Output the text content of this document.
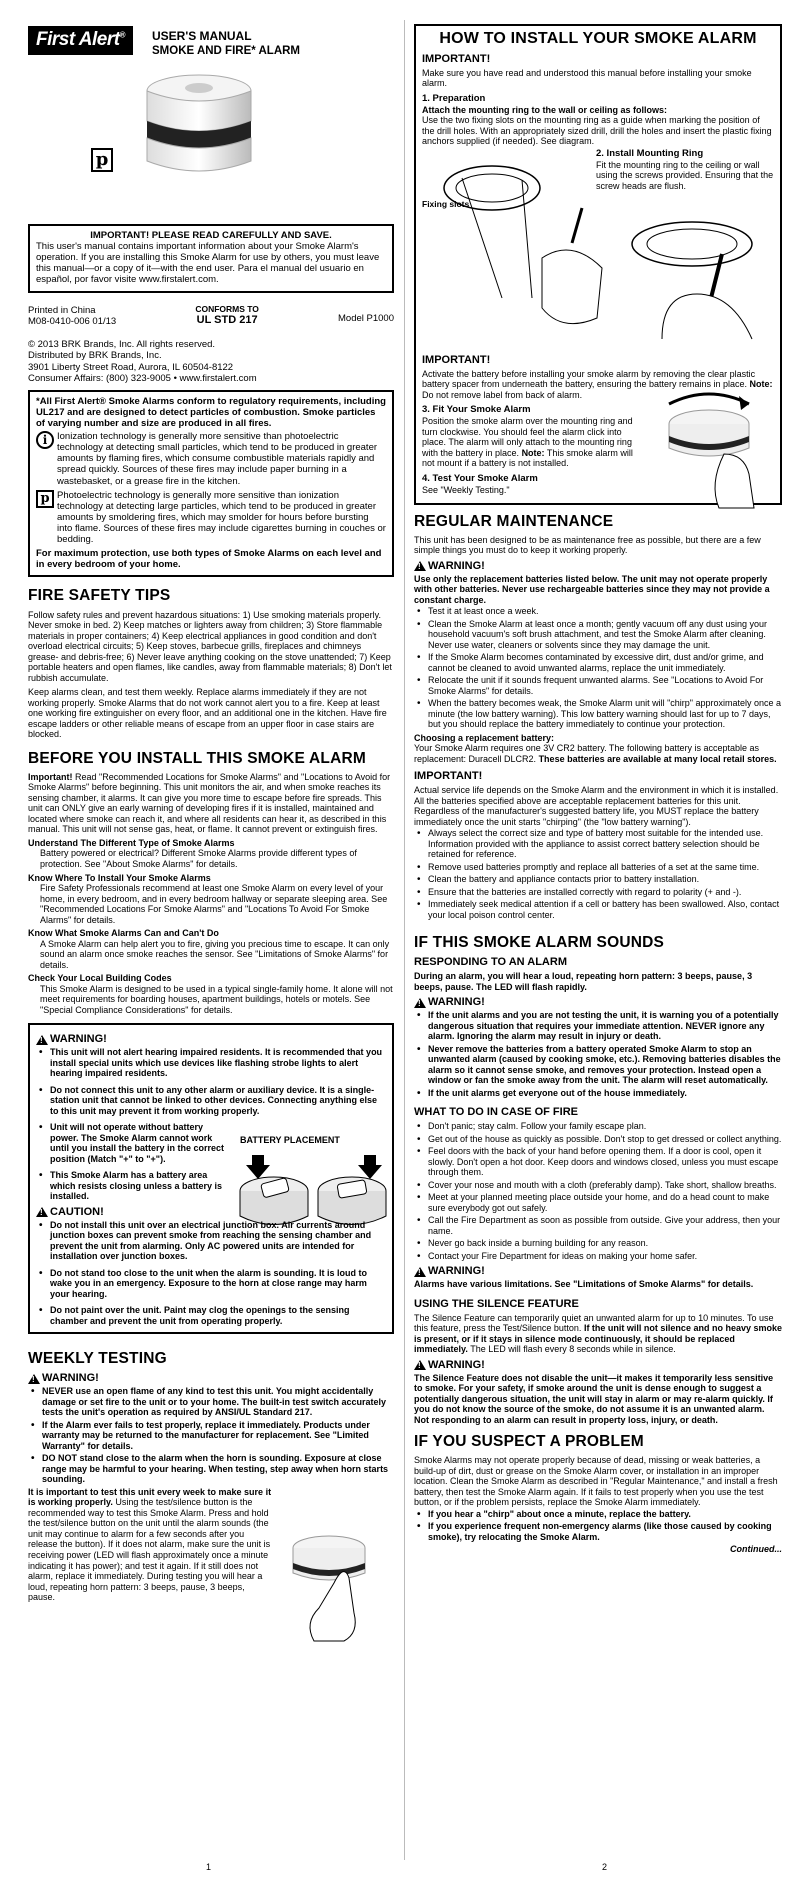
First Alert®	USER'S MANUAL
SMOKE AND FIRE* ALARM
p
IMPORTANT! PLEASE READ CAREFULLY AND SAVE.

This user's manual contains important information about your Smoke Alarm's operation. If you are installing this Smoke Alarm for use by others, you must leave this manual—or a copy of it—with the end user. Para el manual del usuario en español, por favor visite www.firstalert.com.

Printed in China
M08-0410-006 01/13
CONFORMS TO
UL STD 217	Model P1000
© 2013 BRK Brands, Inc. All rights reserved.
Distributed by BRK Brands, Inc.
3901 Liberty Street Road, Aurora, IL 60504-8122
Consumer Affairs: (800) 323-9005 • www.firstalert.com

*All First Alert® Smoke Alarms conform to regulatory requirements, including UL217 and are designed to detect particles of combustion. Smoke particles of varying number and size are produced in all fires.

i	Ionization technology is generally more sensitive than photoelectric technology at detecting small particles, which tend to be produced in greater amounts by flaming fires, which consume combustible materials rapidly and spread quickly. Sources of these fires may include paper burning in a wastebasket, or a grease fire in the kitchen.

p Photoelectric technology is generally more sensitive than ionization technology at detecting large particles, which tend to be produced in greater amounts by smoldering fires, which may smolder for hours before bursting into flame. Sources of these fires may include cigarettes burning in couches or bedding.

For maximum protection, use both types of Smoke Alarms on each level and in every bedroom of your home.

FIRE SAFETY TIPS

Follow safety rules and prevent hazardous situations: 1) Use smoking materials properly. Never smoke in bed. 2) Keep matches or lighters away from children; 3) Store flammable materials in proper containers; 4) Keep electrical appliances in good condition and don't overload electrical circuits; 5) Keep stoves, barbecue grills, fireplaces and chimneys grease- and debris-free; 6) Never leave anything cooking on the stove unattended; 7) Keep portable heaters and open flames, like candles, away from flammable materials; 8) Don't let rubbish accumulate.

Keep alarms clean, and test them weekly. Replace alarms immediately if they are not working properly. Smoke Alarms that do not work cannot alert you to a fire. Keep at least one working fire extinguisher on every floor, and an additional one in the kitchen. Have fire escape ladders or other reliable means of escape from an upper floor in case stairs are blocked.

BEFORE YOU INSTALL THIS SMOKE ALARM

Important! Read "Recommended Locations for Smoke Alarms" and "Locations to Avoid for Smoke Alarms" before beginning. This unit monitors the air, and when smoke reaches its sensing chamber, it alarms. It can give you more time to escape before fire spreads. This unit can ONLY give an early warning of developing fires if it is installed, maintained and located where smoke can reach it, and where all residents can hear it, as described in this manual. This unit will not sense gas, heat, or flame. It cannot prevent or extinguish fires.

Understand The Different Type of Smoke Alarms

Battery powered or electrical? Different Smoke Alarms provide different types of protection. See "About Smoke Alarms" for details.

Know Where To Install Your Smoke Alarms

Fire Safety Professionals recommend at least one Smoke Alarm on every level of your home, in every bedroom, and in every bedroom hallway or separate sleeping area. See "Recommended Locations For Smoke Alarms" and "Locations To Avoid For Smoke Alarms" for details.

Know What Smoke Alarms Can and Can't Do

A Smoke Alarm can help alert you to fire, giving you precious time to escape. It can only sound an alarm once smoke reaches the sensor. See "Limitations of Smoke Alarms" for details.

Check Your Local Building Codes

This Smoke Alarm is designed to be used in a typical single-family home. It alone will not meet requirements for boarding houses, apartment buildings, hotels or motels. See "Special Compliance Considerations" for details.

!
WARNING!
• This unit will not alert hearing impaired residents. It is recommended that you install special units which use devices like flashing strobe lights to alert hearing impaired residents.
• Do not connect this unit to any other alarm or auxiliary device. It is a single-station unit that cannot be linked to other devices. Connecting anything else to this unit may prevent it from working properly.
• Unit will not operate without battery power. The Smoke Alarm cannot work until you install the battery in the correct position (Match "+" to "+").
• This Smoke Alarm has a battery area which resists closing unless a battery is installed.
BATTERY PLACEMENT
!
CAUTION!
• Do not install this unit over an electrical junction box. Air currents around junction boxes can prevent smoke from reaching the sensing chamber and prevent the unit from alarming. Only AC powered units are intended for installation over junction boxes.
• Do not stand too close to the unit when the alarm is sounding. It is loud to wake you in an emergency. Exposure to the horn at close range may harm your hearing.
• Do not paint over the unit. Paint may clog the openings to the sensing chamber and prevent the unit from operating properly.
WEEKLY TESTING
!
WARNING!
• NEVER use an open flame of any kind to test this unit. You might accidentally damage or set fire to the unit or to your home. The built-in test switch accurately tests the unit's operation as required by ANSI/UL Standard 217.
• If the Alarm ever fails to test properly, replace it immediately. Products under warranty may be returned to the manufacturer for replacement. See "Limited Warranty" for details.
• DO NOT stand close to the alarm when the horn is sounding. Exposure at close range may be harmful to your hearing. When testing, step away when horn starts sounding.

It is important to test this unit every week to make sure it is working properly. Using the test/silence button is the recommended way to test this Smoke Alarm. Press and hold the test/silence button on the unit until the alarm sounds (the unit may continue to alarm for a few seconds after you release the button). If it does not alarm, make sure the unit is receiving power (LED will flash approximately once a minute indicating it has power); and test it again. If it still does not alarm, replace it immediately. During testing you will hear a loud, repeating horn pattern: 3 beeps, pause, 3 beeps, pause.

1
HOW TO INSTALL YOUR SMOKE ALARM
IMPORTANT!

Make sure you have read and understood this manual before installing your smoke alarm.

1. Preparation
Attach the mounting ring to the wall or ceiling as follows:

Use the two fixing slots on the mounting ring as a guide when marking the position of the drill holes. With an appropriately sized drill, drill the holes and insert the plastic fixing anchors supplied (if needed). See diagram.

Fixing slots
2. Install Mounting Ring

Fit the mounting ring to the ceiling or wall using the screws provided. Ensuring that the screw heads are flush.

IMPORTANT!

Activate the battery before installing your smoke alarm by removing the clear plastic battery spacer from underneath the battery, ensuring the battery remains in place. Note: Do not remove label from back of alarm.

3. Fit Your Smoke Alarm

Position the smoke alarm over the mounting ring and turn clockwise. You should feel the alarm click into place. The alarm will only attach to the mounting ring with the battery in place. Note: This smoke alarm will not mount if a battery is not installed.

4. Test Your Smoke Alarm

See "Weekly Testing."

REGULAR MAINTENANCE

This unit has been designed to be as maintenance free as possible, but there are a few simple things you must do to keep it working properly.

!
WARNING!

Use only the replacement batteries listed below. The unit may not operate properly with other batteries. Never use rechargeable batteries since they may not provide a constant charge.

• Test it at least once a week.
• Clean the Smoke Alarm at least once a month; gently vacuum off any dust using your household vacuum's soft brush attachment, and test the Smoke Alarm after cleaning. Never use water, cleaners or solvents since they may damage the unit.
• If the Smoke Alarm becomes contaminated by excessive dirt, dust and/or grime, and cannot be cleaned to avoid unwanted alarms, replace the unit immediately.
• Relocate the unit if it sounds frequent unwanted alarms. See "Locations to Avoid For Smoke Alarms" for details.
• When the battery becomes weak, the Smoke Alarm unit will "chirp" approximately once a minute (the low battery warning). This low battery warning should last for up to 7 days, but you should replace the battery immediately to continue your protection.
Choosing a replacement battery:

Your Smoke Alarm requires one 3V CR2 battery. The following battery is acceptable as replacement: Duracell DLCR2. These batteries are available at many local retail stores.

IMPORTANT!

Actual service life depends on the Smoke Alarm and the environment in which it is installed. All the batteries specified above are acceptable replacement batteries for this unit. Regardless of the manufacturer's suggested battery life, you MUST replace the battery immediately once the unit starts "chirping" (the "low battery warning").

• Always select the correct size and type of battery most suitable for the intended use. Information provided with the appliance to assist correct battery selection should be retained for reference.
• Remove used batteries promptly and replace all batteries of a set at the same time.
• Clean the battery and appliance contacts prior to battery installation.
• Ensure that the batteries are installed correctly with regard to polarity (+ and -).
• Immediately seek medical attention if a cell or battery has been swallowed. Also, contact your local poison control center.
IF THIS SMOKE ALARM SOUNDS
RESPONDING TO AN ALARM

During an alarm, you will hear a loud, repeating horn pattern: 3 beeps, pause, 3 beeps, pause. The LED will flash rapidly.

!
WARNING!
• If the unit alarms and you are not testing the unit, it is warning you of a potentially dangerous situation that requires your immediate attention. NEVER ignore any alarm. Ignoring the alarm may result in injury or death.
• Never remove the batteries from a battery operated Smoke Alarm to stop an unwanted alarm (caused by cooking smoke, etc.). Removing batteries disables the alarm so it cannot sense smoke, and removes your protection. Instead open a window or fan the smoke away from the unit. The alarm will reset automatically.
• If the unit alarms get everyone out of the house immediately.
WHAT TO DO IN CASE OF FIRE
• Don't panic; stay calm. Follow your family escape plan.
• Get out of the house as quickly as possible. Don't stop to get dressed or collect anything.
• Feel doors with the back of your hand before opening them. If a door is cool, open it slowly. Don't open a hot door. Keep doors and windows closed, unless you must escape through them.
• Cover your nose and mouth with a cloth (preferably damp). Take short, shallow breaths.
• Meet at your planned meeting place outside your home, and do a head count to make sure everybody got out safely.
• Call the Fire Department as soon as possible from outside. Give your address, then your name.
• Never go back inside a burning building for any reason.
• Contact your Fire Department for ideas on making your home safer.
!
WARNING!

Alarms have various limitations. See "Limitations of Smoke Alarms" for details.

USING THE SILENCE FEATURE

The Silence Feature can temporarily quiet an unwanted alarm for up to 10 minutes. To use this feature, press the Test/Silence button. If the unit will not silence and no heavy smoke is present, or if it stays in silence mode continuously, it should be replaced immediately. The LED will flash every 8 seconds while in silence.

!
WARNING!

The Silence Feature does not disable the unit—it makes it temporarily less sensitive to smoke. For your safety, if smoke around the unit is dense enough to suggest a potentially dangerous situation, the unit will stay in alarm or may re-alarm quickly. If you do not know the source of the smoke, do not assume it is an unwanted alarm. Not responding to an alarm can result in property loss, injury, or death.

IF YOU SUSPECT A PROBLEM

Smoke Alarms may not operate properly because of dead, missing or weak batteries, a build-up of dirt, dust or grease on the Smoke Alarm cover, or installation in an improper location. Clean the Smoke Alarm as described in "Regular Maintenance," and install a fresh battery, then test the Smoke Alarm again. If it fails to test properly when you use the test button, or if the problem persists, replace the Smoke Alarm immediately.

• If you hear a "chirp" about once a minute, replace the battery.
• If you experience frequent non-emergency alarms (like those caused by cooking smoke), try relocating the Smoke Alarm.
Continued...
2
